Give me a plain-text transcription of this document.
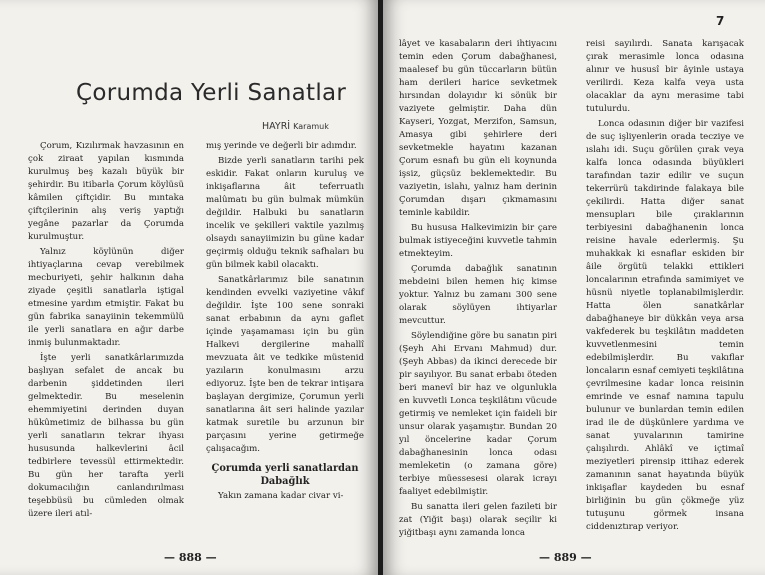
Çorumda Yerli Sanatlar
HAYRİ Karamuk

Çorum, Kızılırmak havzasının en çok ziraat yapılan kısmında kurulmuş beş kazalı büyük bir şehirdir. Bu itibarla Çorum köylüsü kâmilen çiftçidir. Bu mıntaka çiftçilerinin alış veriş yaptığı yegâne pazarlar da Çorumda kurulmuştur.

Yalnız köylünün diğer ihtiyaçlarına cevap verebilmek mecburiyeti, şehir halkının daha ziyade çeşitli sanatlarla iştigal etmesine yardım etmiştir. Fakat bu gün fabrika sanayiinin tekemmülü ile yerli sanatlara en ağır darbe inmiş bulunmaktadır.

İşte yerli sanatkârlarımızda başlıyan sefalet de ancak bu darbenin şiddetinden ileri gelmektedir. Bu meselenin ehemmiyetini derinden duyan hükûmetimiz de bilhassa bu gün yerli sanatların tekrar ihyası hususunda halkevlerini âcil tedbirlere tevessül ettirmektedir. Bu gün her tarafta yerli dokumacılığın canlandırılması teşebbüsü bu cümleden olmak üzere ileri atıl-

mış yerinde ve değerli bir adımdır.

Bizde yerli sanatların tarihi pek eskidir. Fakat onların kuruluş ve inkişaflarına âit teferruatlı malûmatı bu gün bulmak mümkün değildir. Halbuki bu sanatların incelik ve şekilleri vaktile yazılmış olsaydı sanayiimizin bu güne kadar geçirmiş olduğu teknik safhaları bu gün bilmek kabil olacaktı.

Sanatkârlarımız bile sanatının kendinden evvelki vaziyetine vâkıf değildir. İşte 100 sene sonraki sanat erbabının da aynı gaflet içinde yaşamaması için bu gün Halkevi dergilerine mahallî mevzuata âit ve tedkike müstenid yazıların konulmasını arzu ediyoruz. İşte ben de tekrar intişara başlayan dergimize, Çorumun yerli sanatlarına âit seri halinde yazılar katmak suretile bu arzunun bir parçasını yerine getirmeğe çalışacağım.

Çorumda yerli sanatlardan
Dabağlık

Yakın zamana kadar civar vi-

— 888 —
7

lâyet ve kasabaların deri ihtiyacını temin eden Çorum dabağhanesi, maalesef bu gün tüccarların bütün ham derileri harice sevketmek hırsından dolayıdır ki sönük bir vaziyete gelmiştir. Daha dün Kayseri, Yozgat, Merzifon, Samsun, Amasya gibi şehirlere deri sevketmekle hayatını kazanan Çorum esnafı bu gün eli koynunda işsiz, güçsüz beklemektedir. Bu vaziyetin, islahı, yalnız ham derinin Çorumdan dışarı çıkmamasını teminle kabildir.

Bu hususa Halkevimizin bir çare bulmak istiyeceğini kuvvetle tahmin etmekteyim.

Çorumda dabağlık sanatının mebdeini bilen hemen hiç kimse yoktur. Yalnız bu zamanı 300 sene olarak söylüyen ihtiyarlar mevcuttur.

Söylendiğine göre bu sanatın piri (Şeyh Ahi Ervanı Mahmud) dur. (Şeyh Abbas) da ikinci derecede bir pir sayılıyor. Bu sanat erbabı öteden beri manevî bir haz ve olgunlukla en kuvvetli Lonca teşkilâtını vücude getirmiş ve nemleket için faideli bir unsur olarak yaşamıştır. Bundan 20 yıl öncelerine kadar Çorum dabağhanesinin lonca odası memleketin (o zamana göre) terbiye müessesesi olarak icrayı faaliyet edebilmiştir.

Bu sanatta ileri gelen fazileti bir zat (Yiğit başı) olarak seçilir ki yiğitbaşı aynı zamanda lonca

reisi sayılırdı. Sanata karışacak çırak merasimle lonca odasına alınır ve hususî bir âyinle ustaya verilirdi. Keza kalfa veya usta olacaklar da aynı merasime tabi tutulurdu.

Lonca odasının diğer bir vazifesi de suç işliyenlerin orada tecziye ve ıslahı idi. Suçu görülen çırak veya kalfa lonca odasında büyükleri tarafından tazir edilir ve suçun tekerrürü takdirinde falakaya bile çekilirdi. Hatta diğer sanat mensupları bile çıraklarının terbiyesini dabağhanenin lonca reisine havale ederlermiş. Şu muhakkak ki esnaflar eskiden bir âile örgütü telakki ettikleri loncalarının etrafında samimiyet ve hüsnü niyetle toplanabilmişlerdir. Hatta ölen sanatkârlar dabağhaneye bir dükkân veya arsa vakfederek bu teşkilâtın maddeten kuvvetlenmesini temin edebilmişlerdir. Bu vakıflar loncaların esnaf cemiyeti teşkilâtına çevrilmesine kadar lonca reisinin emrinde ve esnaf namına tapulu bulunur ve bunlardan temin edilen irad ile de düşkünlere yardıma ve sanat yuvalarının tamirine çalışılırdı. Ahlâkî ve içtimaî meziyetleri pirensip ittihaz ederek zamanının sanat hayatında büyük inkişaflar kaydeden bu esnaf birliğinin bu gün çökmeğe yüz tutuşunu görmek insana ciddenıztırap veriyor.

— 889 —
